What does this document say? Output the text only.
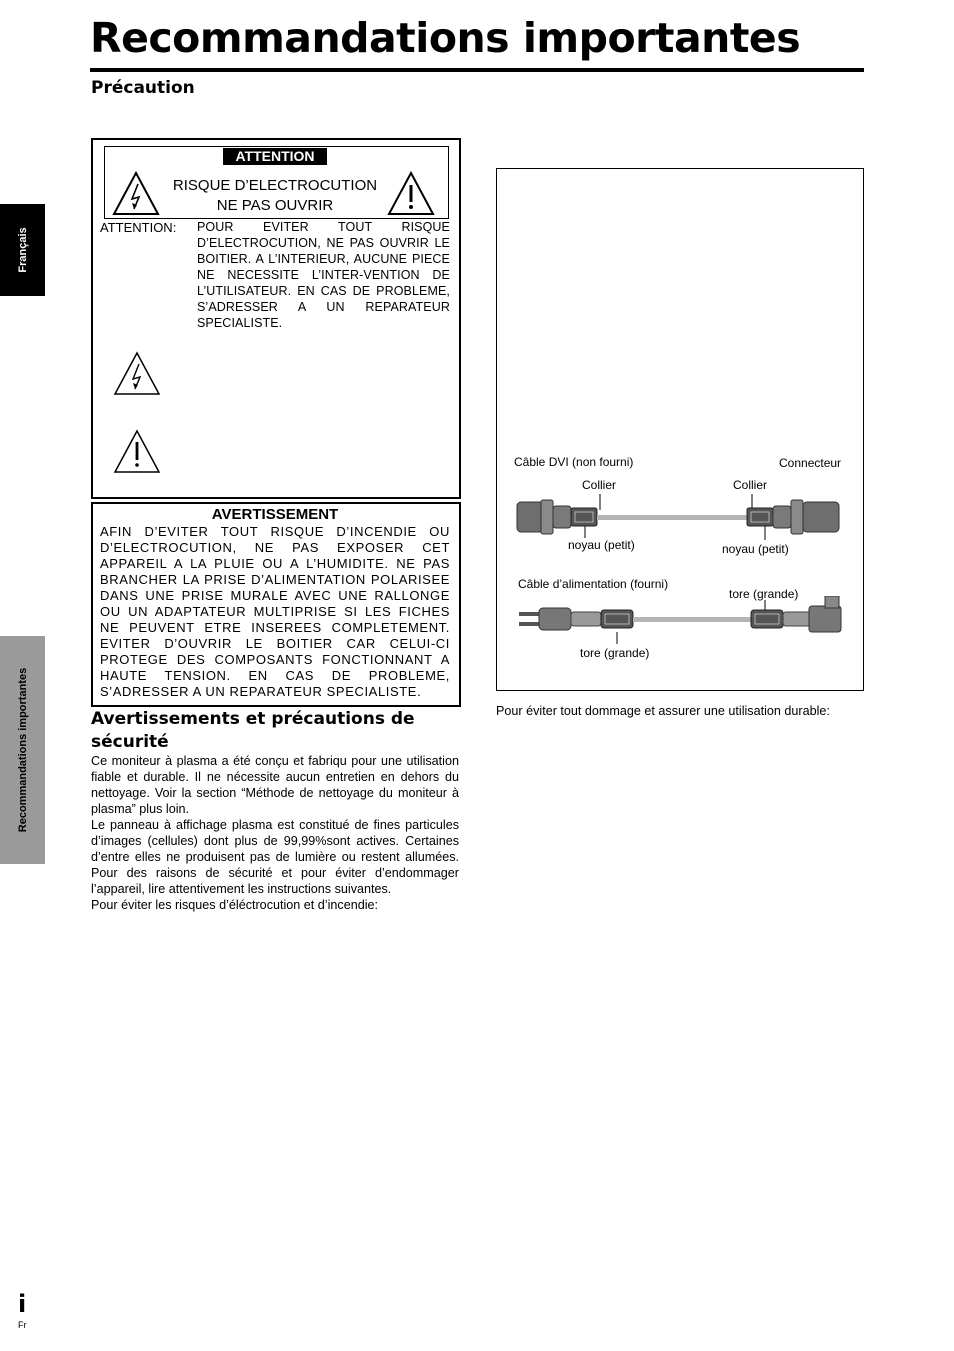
Recommandations importantes
Précaution
Français
Recommandations importantes
ATTENTION
RISQUE D’ELECTROCUTION
NE PAS OUVRIR
ATTENTION: POUR EVITER TOUT RISQUE D’ELECTROCUTION, NE PAS OUVRIR LE BOITIER. A L’INTERIEUR, AUCUNE PIECE NE NECESSITE L’INTER-VENTION DE L’UTILISATEUR. EN CAS DE PROBLEME, S’ADRESSER A UN REPARATEUR SPECIALISTE.
AVERTISSEMENT
AFIN D’EVITER TOUT RISQUE D’INCENDIE OU D’ELECTROCUTION, NE PAS EXPOSER CET APPAREIL A LA PLUIE OU A L’HUMIDITE. NE PAS BRANCHER LA PRISE D’ALIMENTATION POLARISEE DANS UNE PRISE MURALE AVEC UNE RALLONGE OU UN ADAPTATEUR MULTIPRISE SI LES FICHES NE PEUVENT ETRE INSEREES COMPLETEMENT. EVITER D’OUVRIR LE BOITIER CAR CELUI-CI PROTEGE DES COMPOSANTS FONCTIONNANT A HAUTE TENSION. EN CAS DE PROBLEME, S’ADRESSER A UN REPARATEUR SPECIALISTE.
Avertissements et précautions de sécurité

Ce moniteur à plasma a été conçu et fabriqu pour une utilisation fiable et durable. Il ne nécessite aucun entretien en dehors du nettoyage. Voir la section “Méthode de nettoyage du moniteur à plasma” plus loin.

Le panneau à affichage plasma est constitué de fines particules d’images (cellules) dont plus de 99,99%sont actives. Certaines d’entre elles ne produisent pas de lumière ou restent allumées. Pour des raisons de sécurité et pour éviter d’endommager l’appareil, lire attentivement les instructions suivantes.

Pour éviter les risques d’éléctrocution et d’incendie:

Câble DVI (non fourni)	Connecteur
Collier	Collier
noyau (petit)	noyau (petit)
Câble d’alimentation (fourni)
tore (grande)
tore (grande)
Pour éviter tout dommage et assurer une utilisation durable:
i
Fr
